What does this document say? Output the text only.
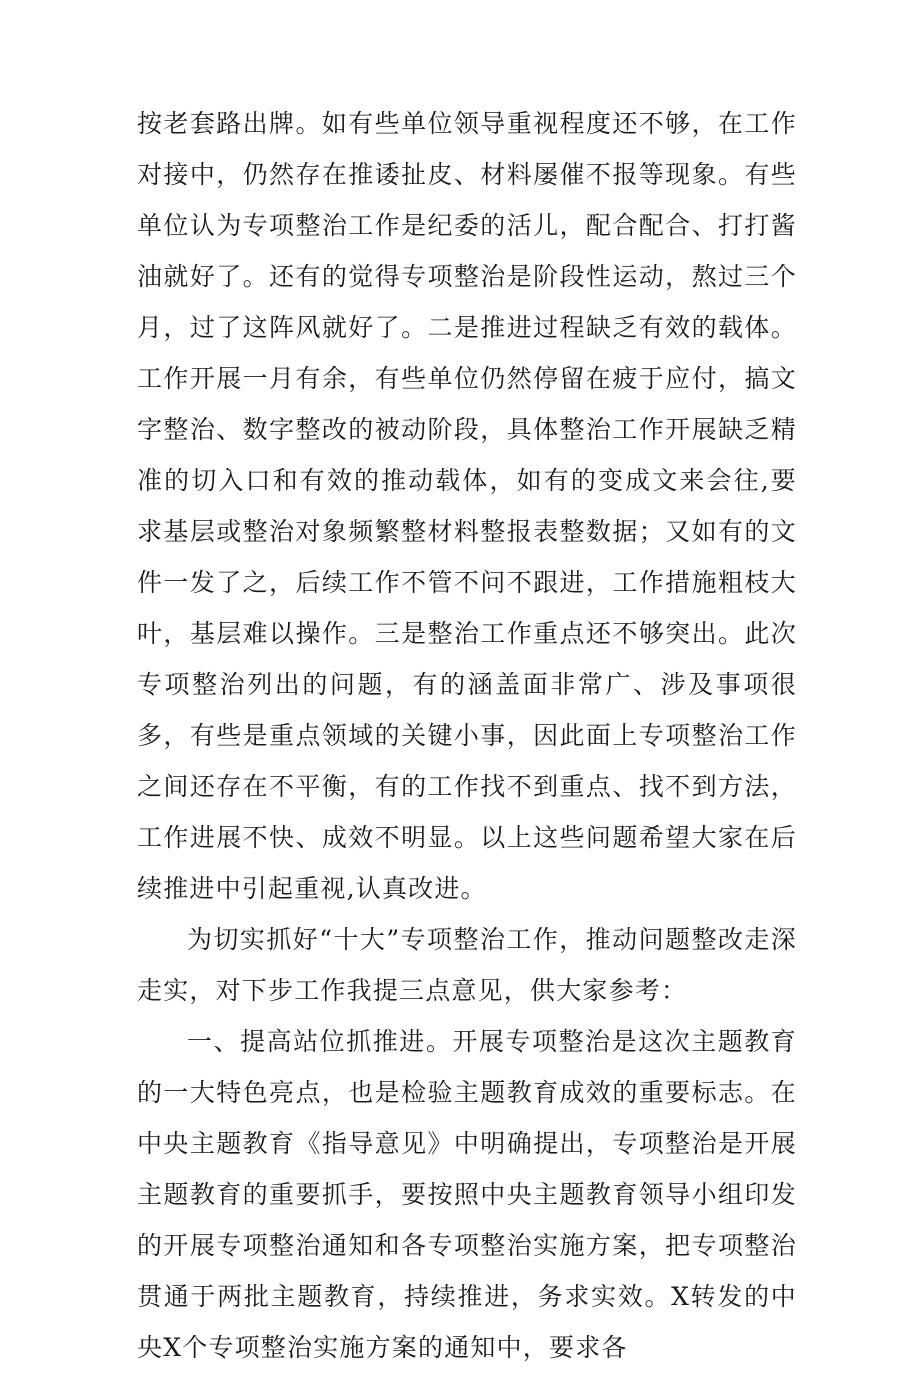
按老套路出牌。如有些单位领导重视程度还不够，在工作对接中，仍然存在推诿扯皮、材料屡催不报等现象。有些单位认为专项整治工作是纪委的活儿，配合配合、打打酱油就好了。还有的觉得专项整治是阶段性运动，熬过三个月，过了这阵风就好了。二是推进过程缺乏有效的载体。工作开展一月有余，有些单位仍然停留在疲于应付，搞文字整治、数字整改的被动阶段，具体整治工作开展缺乏精准的切入口和有效的推动载体，如有的变成文来会往,要求基层或整治对象频繁整材料整报表整数据；又如有的文件一发了之，后续工作不管不问不跟进，工作措施粗枝大叶，基层难以操作。三是整治工作重点还不够突出。此次专项整治列出的问题，有的涵盖面非常广、涉及事项很多，有些是重点领域的关键小事，因此面上专项整治工作之间还存在不平衡，有的工作找不到重点、找不到方法，工作进展不快、成效不明显。以上这些问题希望大家在后续推进中引起重视,认真改进。

为切实抓好“十大”专项整治工作，推动问题整改走深走实，对下步工作我提三点意见，供大家参考：

一、提高站位抓推进。开展专项整治是这次主题教育的一大特色亮点，也是检验主题教育成效的重要标志。在中央主题教育《指导意见》中明确提出，专项整治是开展主题教育的重要抓手，要按照中央主题教育领导小组印发的开展专项整治通知和各专项整治实施方案，把专项整治贯通于两批主题教育，持续推进，务求实效。X转发的中央X个专项整治实施方案的通知中，要求各
